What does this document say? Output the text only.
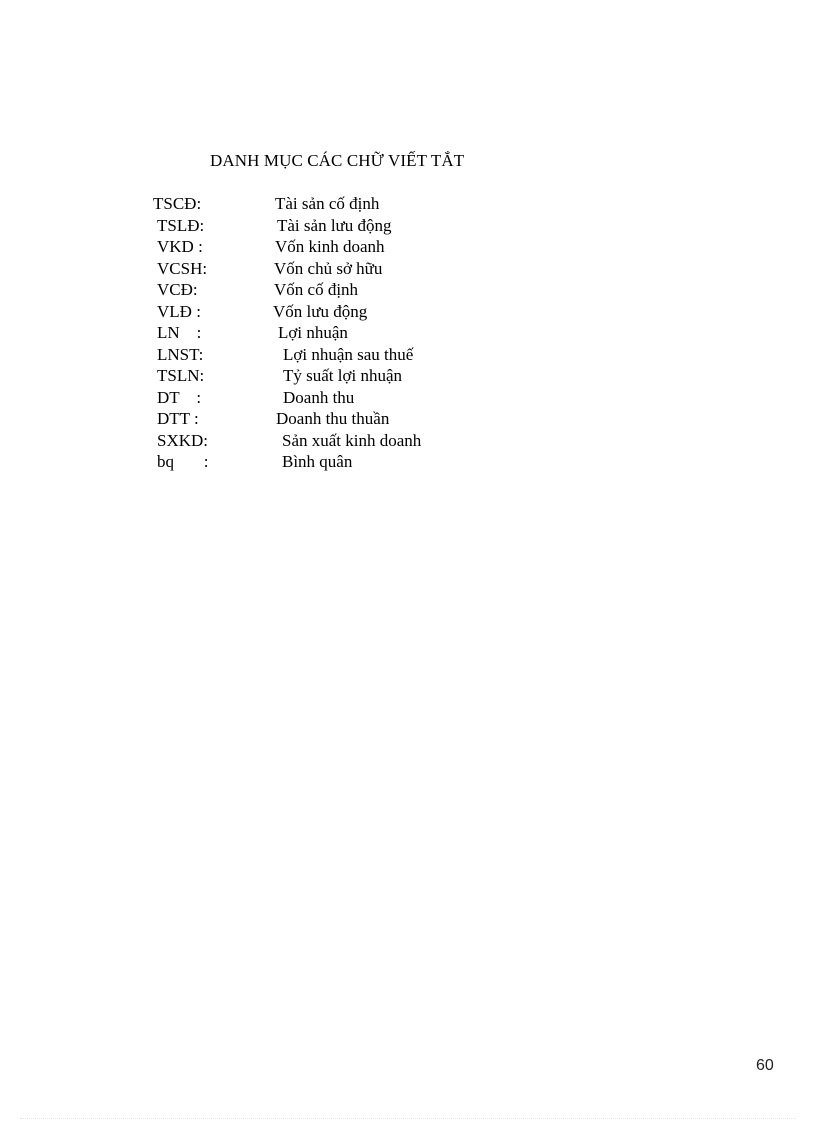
DANH MỤC CÁC CHỮ VIẾT TẮT
TSCĐ:	Tài sản cố định
TSLĐ:	Tài sản lưu động
VKD :	Vốn kinh doanh
VCSH:	Vốn chủ sở hữu
VCĐ:	Vốn cố định
VLĐ :	Vốn lưu động
LN    :	Lợi nhuận
LNST:	Lợi nhuận sau thuế
TSLN:	Tỷ suất lợi nhuận
DT    :	Doanh thu
DTT :	Doanh thu thuần
SXKD:	Sản xuất kinh doanh
bq       :	Bình quân
60
